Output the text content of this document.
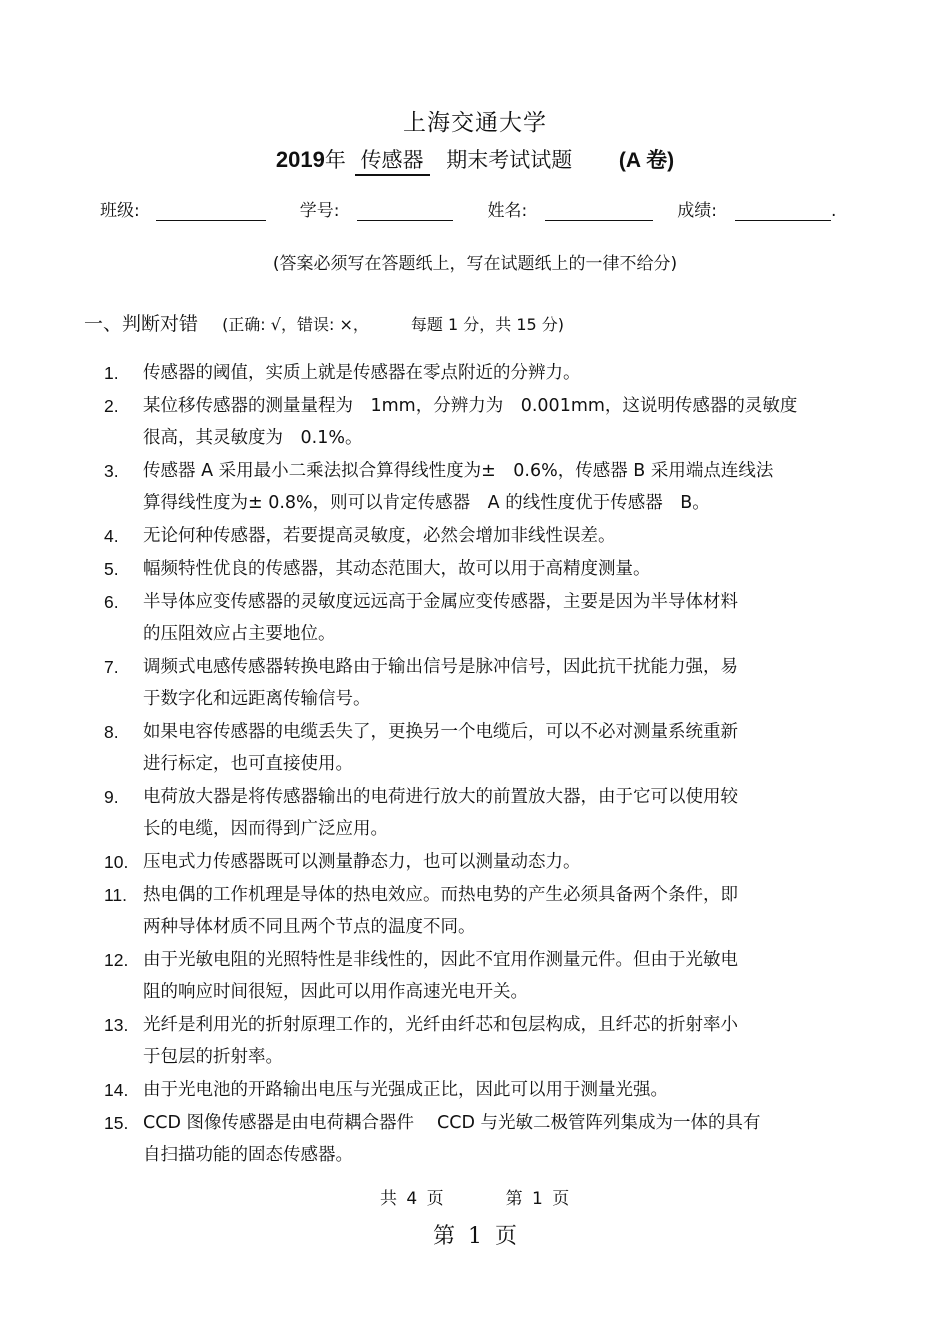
上海交通大学
2019年 传感器 期末考试试题 (A 卷)
班级:	学号:	姓名:	成绩:	.
(答案必须写在答题纸上，写在试题纸上的一律不给分)
一、判断对错 (正确: √，错误: ×，	每题 1 分，共 15 分)
1.	传感器的阈值，实质上就是传感器在零点附近的分辨力。
2.	某位移传感器的测量量程为　1mm，分辨力为　0.001mm，这说明传感器的灵敏度
很高，其灵敏度为　0.1%。
3.	传感器 A 采用最小二乘法拟合算得线性度为±　0.6%，传感器 B 采用端点连线法
算得线性度为± 0.8%，则可以肯定传感器　A 的线性度优于传感器　B。
4.	无论何种传感器，若要提高灵敏度，必然会增加非线性误差。
5.	幅频特性优良的传感器，其动态范围大，故可以用于高精度测量。
6.	半导体应变传感器的灵敏度远远高于金属应变传感器，主要是因为半导体材料
的压阻效应占主要地位。
7.	调频式电感传感器转换电路由于输出信号是脉冲信号，因此抗干扰能力强，易
于数字化和远距离传输信号。
8.	如果电容传感器的电缆丢失了，更换另一个电缆后，可以不必对测量系统重新
进行标定，也可直接使用。
9.	电荷放大器是将传感器输出的电荷进行放大的前置放大器，由于它可以使用较
长的电缆，因而得到广泛应用。
10. 压电式力传感器既可以测量静态力，也可以测量动态力。
11. 热电偶的工作机理是导体的热电效应。而热电势的产生必须具备两个条件，即
两种导体材质不同且两个节点的温度不同。
12. 由于光敏电阻的光照特性是非线性的，因此不宜用作测量元件。但由于光敏电
阻的响应时间很短，因此可以用作高速光电开关。
13. 光纤是利用光的折射原理工作的，光纤由纤芯和包层构成，且纤芯的折射率小
于包层的折射率。
14. 由于光电池的开路输出电压与光强成正比，因此可以用于测量光强。
15. CCD 图像传感器是由电荷耦合器件　 CCD 与光敏二极管阵列集成为一体的具有
自扫描功能的固态传感器。
共 4 页	第 1 页
第 1 页
